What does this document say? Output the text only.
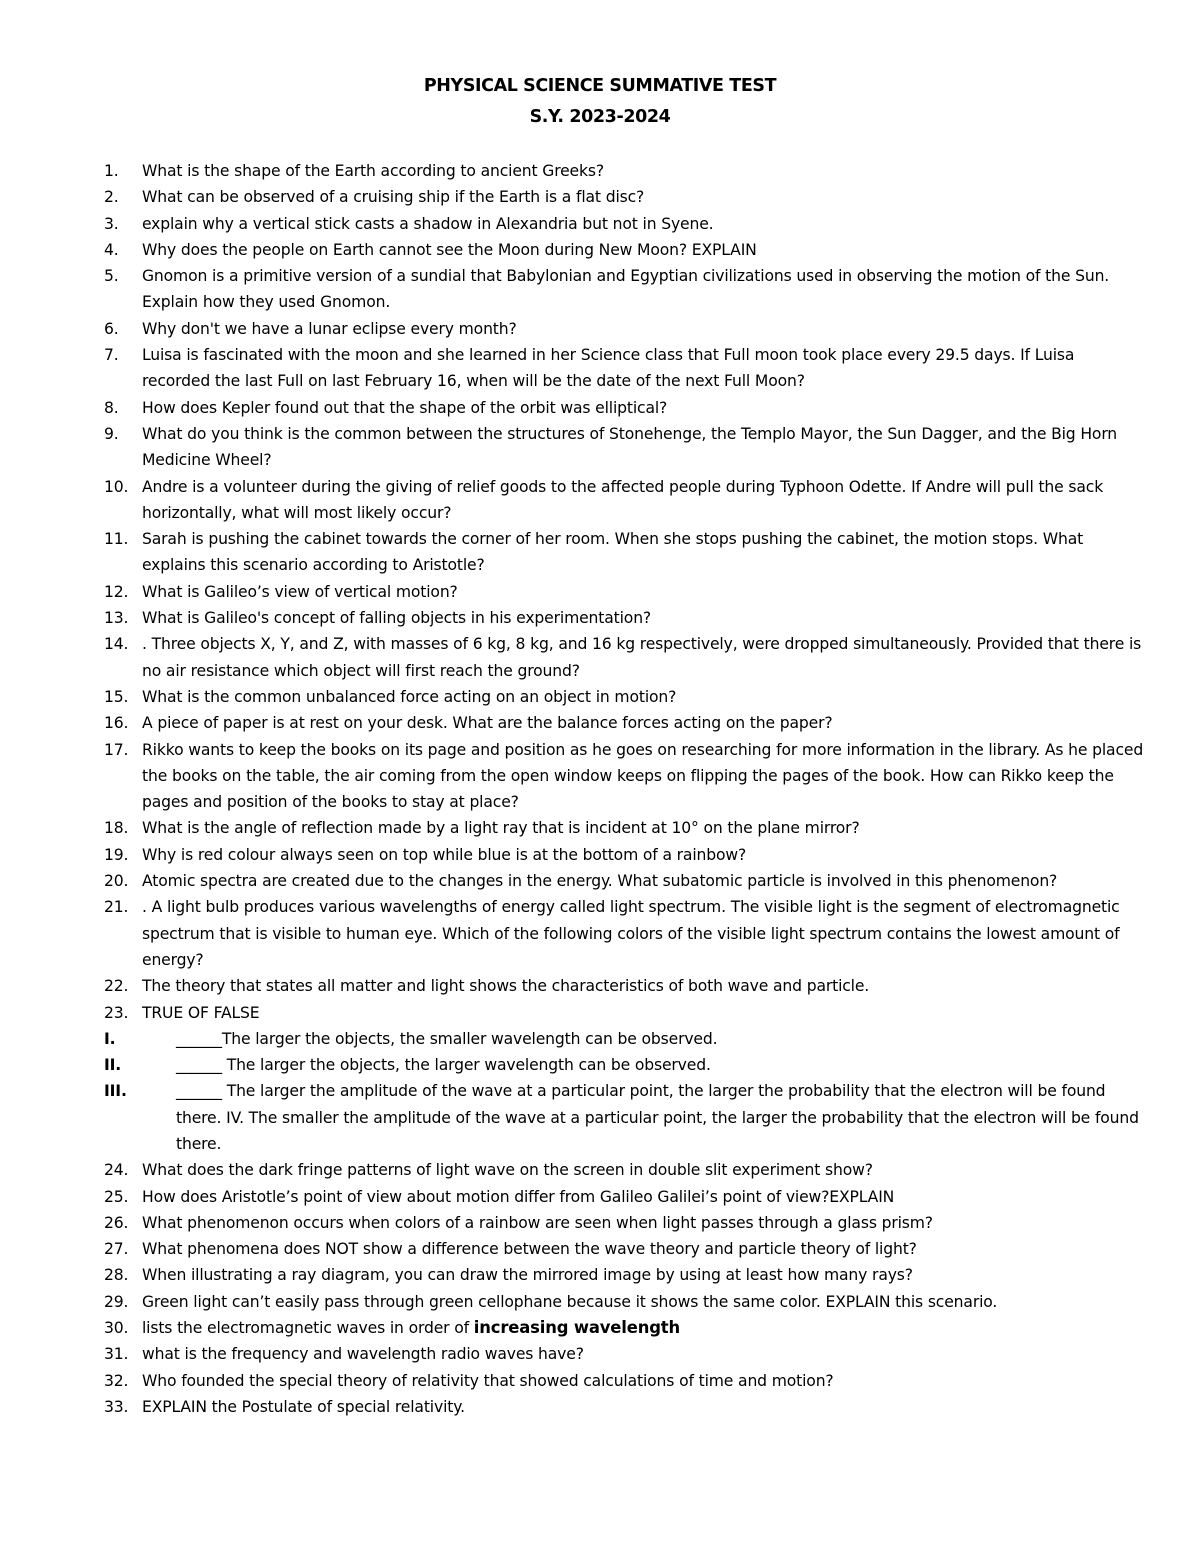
PHYSICAL SCIENCE SUMMATIVE TEST
S.Y. 2023-2024
1.	What is the shape of the Earth according to ancient Greeks?
2.	What can be observed of a cruising ship if the Earth is a flat disc?
3.	explain why a vertical stick casts a shadow in Alexandria but not in Syene.
4.	Why does the people on Earth cannot see the Moon during New Moon? EXPLAIN
5.	Gnomon is a primitive version of a sundial that Babylonian and Egyptian civilizations used in observing the motion of the Sun. Explain how they used Gnomon.
6.	Why don't we have a lunar eclipse every month?
7.	Luisa is fascinated with the moon and she learned in her Science class that Full moon took place every 29.5 days. If Luisa recorded the last Full on last February 16, when will be the date of the next Full Moon?
8.	How does Kepler found out that the shape of the orbit was elliptical?
9.	What do you think is the common between the structures of Stonehenge, the Templo Mayor, the Sun Dagger, and the Big Horn Medicine Wheel?
10. Andre is a volunteer during the giving of relief goods to the affected people during Typhoon Odette. If Andre will pull the sack horizontally, what will most likely occur?
11. Sarah is pushing the cabinet towards the corner of her room. When she stops pushing the cabinet, the motion stops. What explains this scenario according to Aristotle?
12. What is Galileo’s view of vertical motion?
13. What is Galileo's concept of falling objects in his experimentation?
14. . Three objects X, Y, and Z, with masses of 6 kg, 8 kg, and 16 kg respectively, were dropped simultaneously. Provided that there is no air resistance which object will first reach the ground?
15. What is the common unbalanced force acting on an object in motion?
16. A piece of paper is at rest on your desk. What are the balance forces acting on the paper?
17. Rikko wants to keep the books on its page and position as he goes on researching for more information in the library. As he placed the books on the table, the air coming from the open window keeps on flipping the pages of the book. How can Rikko keep the pages and position of the books to stay at place?
18. What is the angle of reflection made by a light ray that is incident at 10° on the plane mirror?
19. Why is red colour always seen on top while blue is at the bottom of a rainbow?
20. Atomic spectra are created due to the changes in the energy. What subatomic particle is involved in this phenomenon?
21. . A light bulb produces various wavelengths of energy called light spectrum. The visible light is the segment of electromagnetic spectrum that is visible to human eye. Which of the following colors of the visible light spectrum contains the lowest amount of energy?
22. The theory that states all matter and light shows the characteristics of both wave and particle.
23. TRUE OF FALSE
I.	______The larger the objects, the smaller wavelength can be observed.
II.	______ The larger the objects, the larger wavelength can be observed.
III.	______ The larger the amplitude of the wave at a particular point, the larger the probability that the electron will be found there. IV. The smaller the amplitude of the wave at a particular point, the larger the probability that the electron will be found there.
24. What does the dark fringe patterns of light wave on the screen in double slit experiment show?
25. How does Aristotle’s point of view about motion differ from Galileo Galilei’s point of view?EXPLAIN
26. What phenomenon occurs when colors of a rainbow are seen when light passes through a glass prism?
27. What phenomena does NOT show a difference between the wave theory and particle theory of light?
28. When illustrating a ray diagram, you can draw the mirrored image by using at least how many rays?
29. Green light can’t easily pass through green cellophane because it shows the same color. EXPLAIN this scenario.
30. lists the electromagnetic waves in order of increasing wavelength
31. what is the frequency and wavelength radio waves have?
32. Who founded the special theory of relativity that showed calculations of time and motion?
33. EXPLAIN the Postulate of special relativity.
